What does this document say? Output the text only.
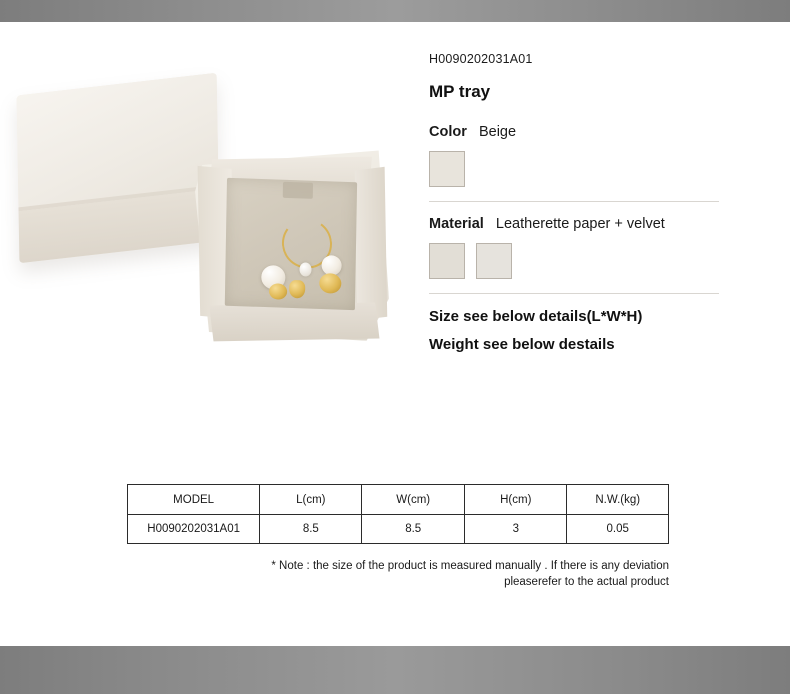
H0090202031A01
MP tray
Color Beige
Material Leatherette paper + velvet
Size see below details(L*W*H)
Weight see below destails
MODEL	L(cm)	W(cm)	H(cm)	N.W.(kg)
H0090202031A01	8.5	8.5	3	0.05
* Note : the size of the product is measured manually . If there is any deviation
pleaserefer to the actual product
